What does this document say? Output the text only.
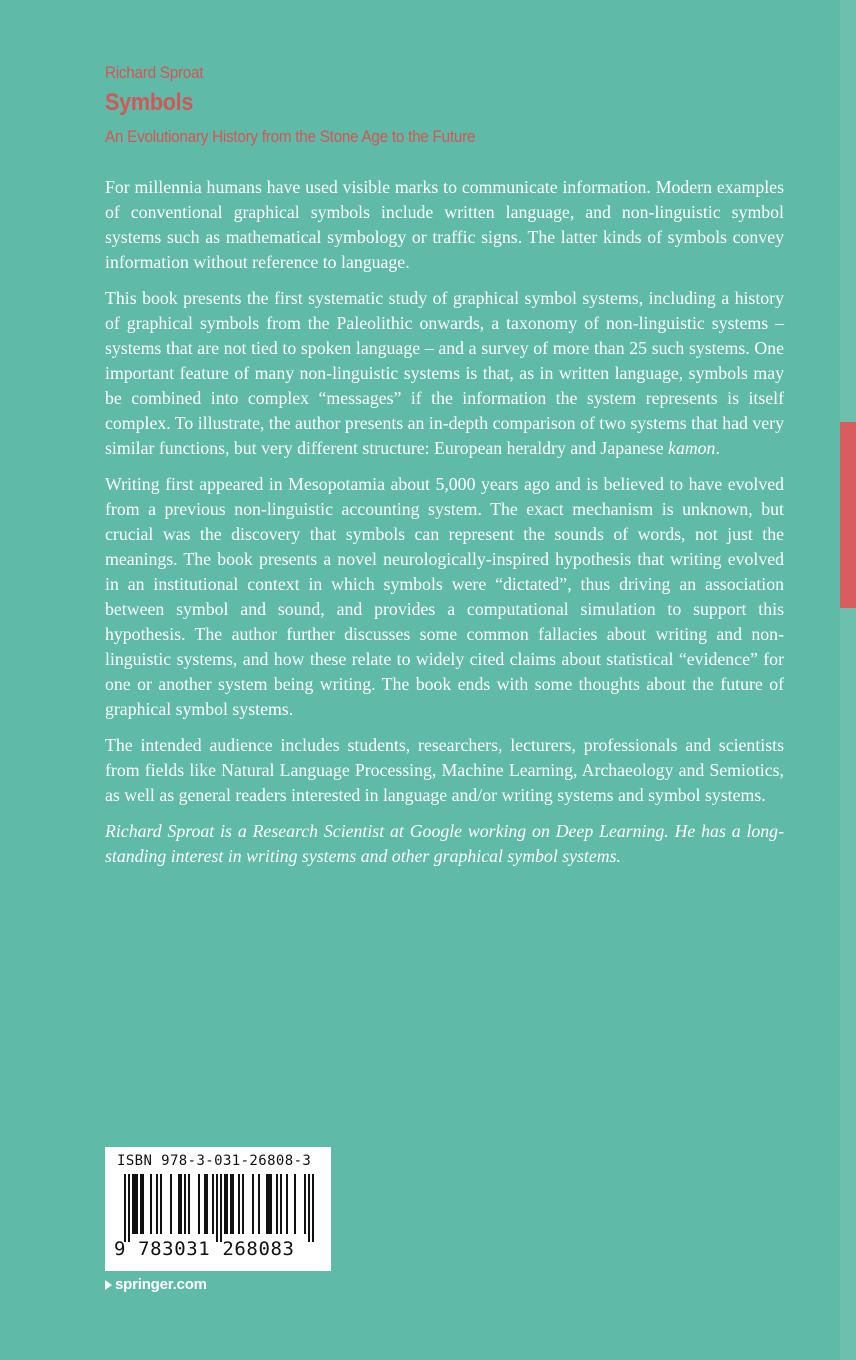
Richard Sproat

Symbols

An Evolutionary History from the Stone Age to the Future

For millennia humans have used visible marks to communicate information. Modern examples of conventional graphical symbols include written language, and non-linguistic symbol systems such as mathematical symbology or traffic signs. The latter kinds of symbols convey information without reference to language.

This book presents the first systematic study of graphical symbol systems, including a history of graphical symbols from the Paleolithic onwards, a taxonomy of non-linguistic systems – systems that are not tied to spoken language – and a survey of more than 25 such systems. One important feature of many non-linguistic systems is that, as in written language, symbols may be combined into complex “messages” if the information the system represents is itself complex. To illustrate, the author presents an in-depth comparison of two systems that had very similar functions, but very different structure: European heraldry and Japanese kamon.

Writing first appeared in Mesopotamia about 5,000 years ago and is believed to have evolved from a previous non-linguistic accounting system. The exact mechanism is unknown, but crucial was the discovery that symbols can represent the sounds of words, not just the meanings. The book presents a novel neurologically-inspired hypothesis that writing evolved in an institutional context in which symbols were “dictated”, thus driving an association between symbol and sound, and provides a computational simulation to support this hypothesis. The author further discusses some common fallacies about writing and non-linguistic systems, and how these relate to widely cited claims about statistical “evidence” for one or another system being writing. The book ends with some thoughts about the future of graphical symbol systems.

The intended audience includes students, researchers, lecturers, professionals and scientists from fields like Natural Language Processing, Machine Learning, Archaeology and Semiotics, as well as general readers interested in language and/or writing systems and symbol systems.

Richard Sproat is a Research Scientist at Google working on Deep Learning. He has a long-standing interest in writing systems and other graphical symbol systems.

ISBN 978-3-031-26808-3
9 783031 268083
springer.com
